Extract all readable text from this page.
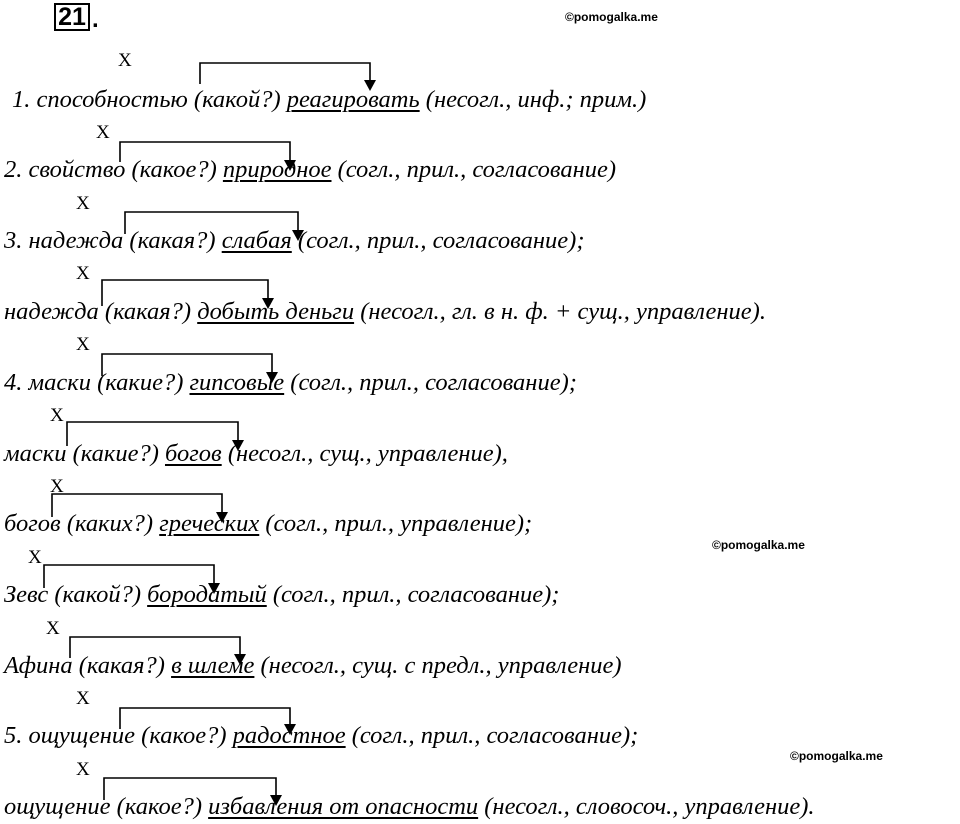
21 .	©pomogalka.me
©pomogalka.me
©pomogalka.me
X
X
X
X
X
X
X
X
X
X
X
1. способностью (какой?) реагировать (несогл., инф.; прим.)
2. свойство (какое?) природное (согл., прил., согласование)
3. надежда (какая?) слабая (согл., прил., согласование);
надежда (какая?) добыть деньги (несогл., гл. в н. ф. + сущ., управление).
4. маски (какие?) гипсовые (согл., прил., согласование);
маски (какие?) богов (несогл., сущ., управление),
богов (каких?) греческих (согл., прил., управление);
Зевс (какой?) бородатый (согл., прил., согласование);
Афина (какая?) в шлеме (несогл., сущ. с предл., управление)
5. ощущение (какое?) радостное (согл., прил., согласование);
ощущение (какое?) избавления от опасности (несогл., словосоч., управление).
